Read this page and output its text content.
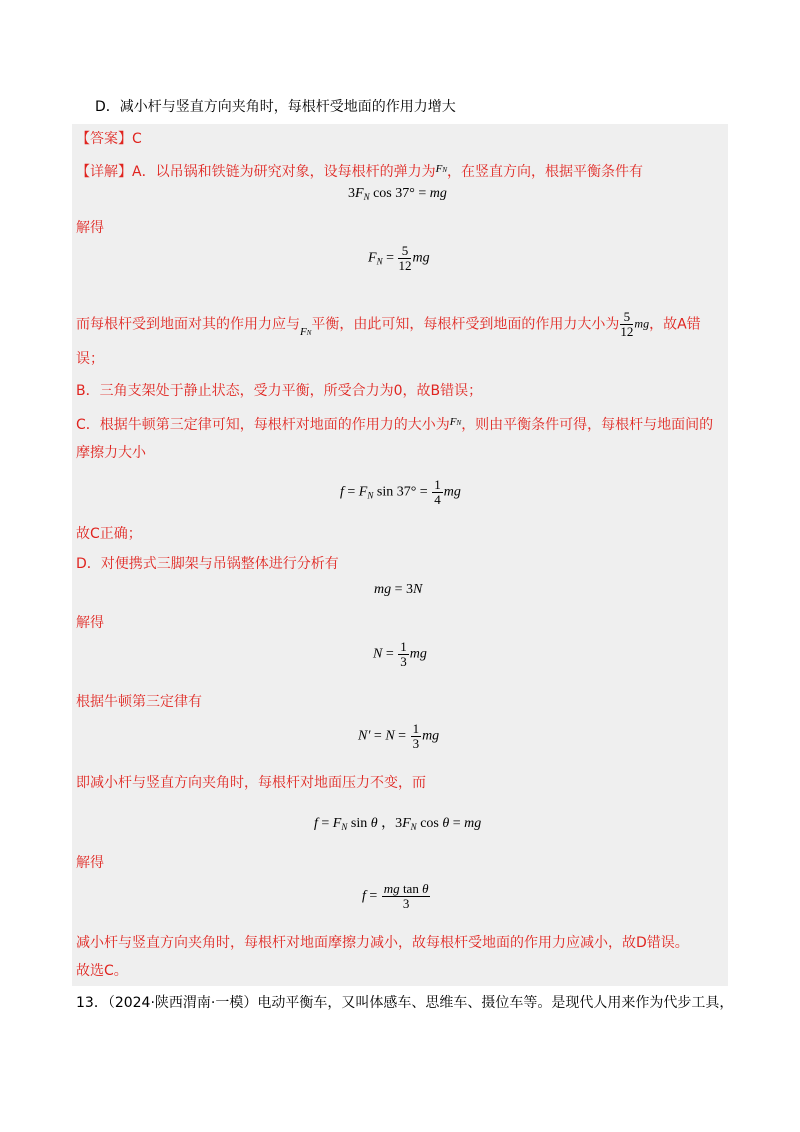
D．减小杆与竖直方向夹角时，每根杆受地面的作用力增大
【答案】C
【详解】A．以吊锅和铁链为研究对象，设每根杆的弹力为$^{FN}$，在竖直方向，根据平衡条件有
$3F_N$ cos 37° = mg
解得
$F_N = \frac{5}{12}$ mg
而每根杆受到地面对其的作用力应与$_{FN}$平衡，由此可知，每根杆受到地面的作用力大小为 $\frac{5}{12}$ mg，故A错
误；
B．三角支架处于静止状态，受力平衡，所受合力为0，故B错误；
C．根据牛顿第三定律可知，每根杆对地面的作用力的大小为$^{FN}$，则由平衡条件可得，每根杆与地面间的
摩擦力大小
$f = F_N$ $\sin 37^\circ = \frac{1}{4}$ mg
故C正确；
D．对便携式三脚架与吊锅整体进行分析有
mg = 3N
解得
$N = \frac{1}{3}$ mg
根据牛顿第三定律有
$N' = N = \frac{1}{3}$ mg
即减小杆与竖直方向夹角时，每根杆对地面压力不变，而
$f = F_N$ sin θ ，$3F_N$ cos θ = mg
解得
$f = \frac{\text{mg tan θ}}{3}$
减小杆与竖直方向夹角时，每根杆对地面摩擦力减小，故每根杆受地面的作用力应减小，故D错误。
故选C。
13．（2024·陕西渭南·一模）电动平衡车，又叫体感车、思维车、摄位车等。是现代人用来作为代步工具，
